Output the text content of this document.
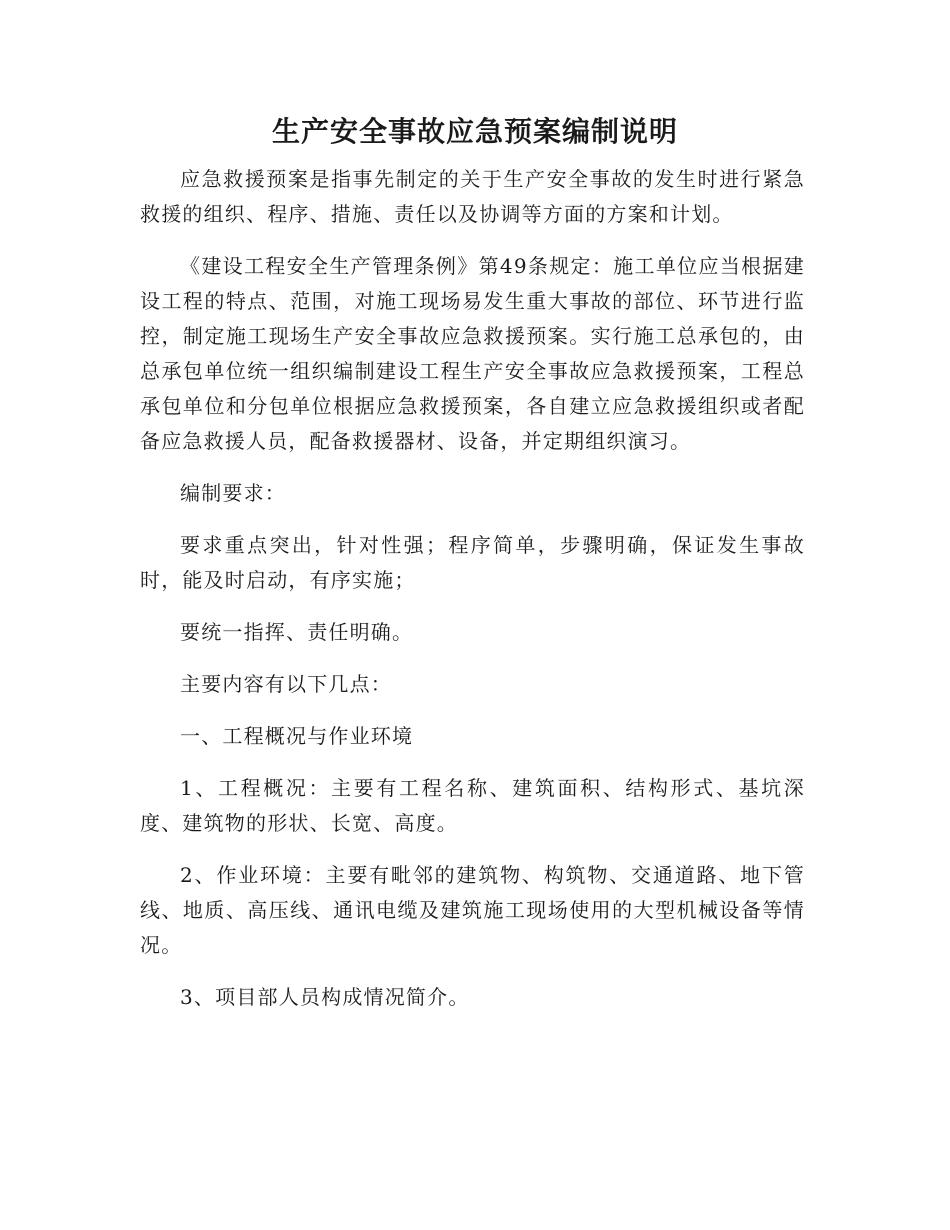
生产安全事故应急预案编制说明

应急救援预案是指事先制定的关于生产安全事故的发生时进行紧急救援的组织、程序、措施、责任以及协调等方面的方案和计划。

《建设工程安全生产管理条例》第49条规定：施工单位应当根据建设工程的特点、范围，对施工现场易发生重大事故的部位、环节进行监控，制定施工现场生产安全事故应急救援预案。实行施工总承包的，由总承包单位统一组织编制建设工程生产安全事故应急救援预案，工程总承包单位和分包单位根据应急救援预案，各自建立应急救援组织或者配备应急救援人员，配备救援器材、设备，并定期组织演习。

编制要求：

要求重点突出，针对性强；程序简单，步骤明确，保证发生事故时，能及时启动，有序实施；

要统一指挥、责任明确。

主要内容有以下几点：

一、工程概况与作业环境

1、工程概况：主要有工程名称、建筑面积、结构形式、基坑深度、建筑物的形状、长宽、高度。

2、作业环境：主要有毗邻的建筑物、构筑物、交通道路、地下管线、地质、高压线、通讯电缆及建筑施工现场使用的大型机械设备等情况。

3、项目部人员构成情况简介。
